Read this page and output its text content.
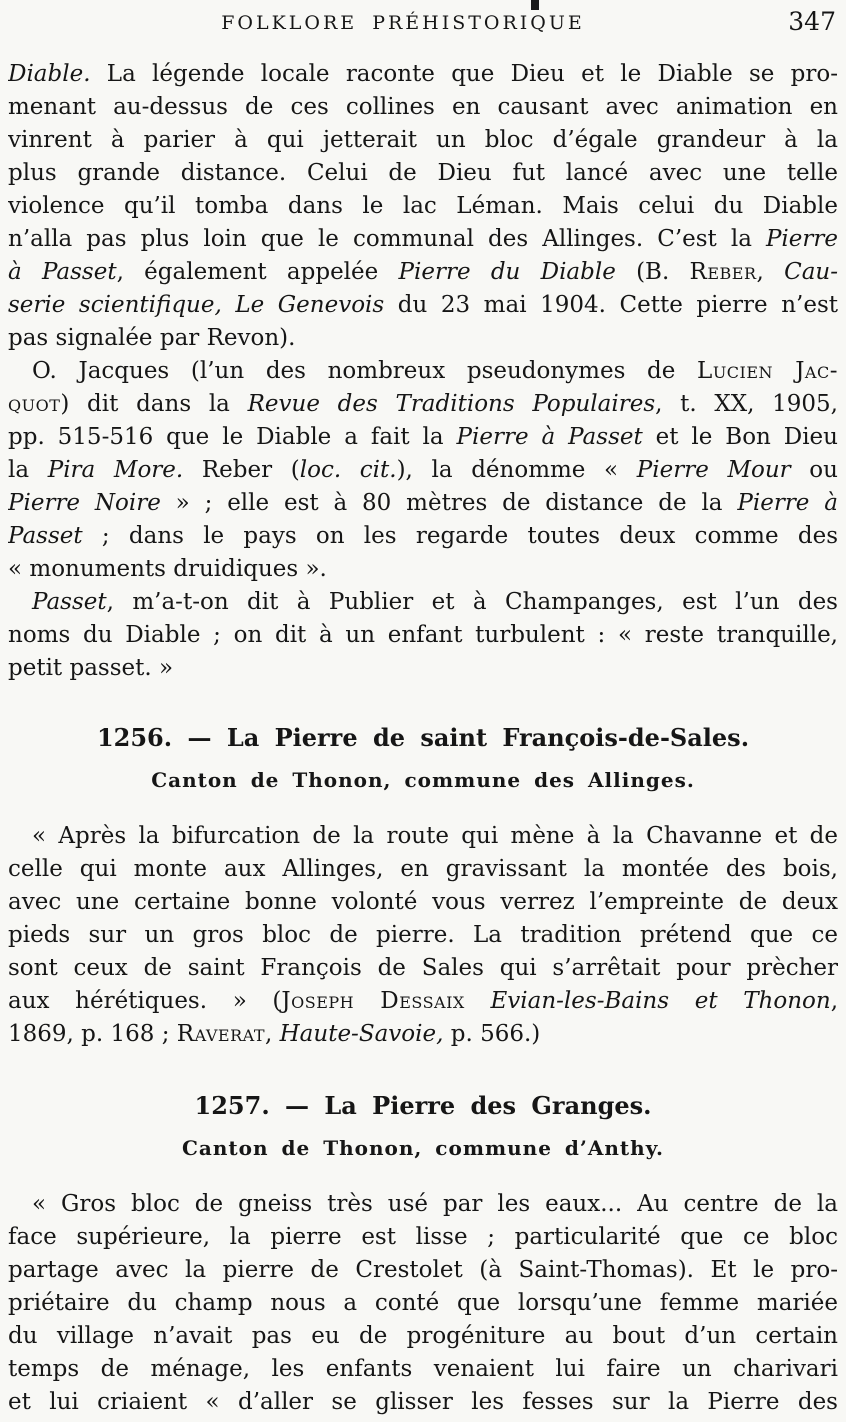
FOLKLORE PRÉHISTORIQUE	347
Diable. La légende locale raconte que Dieu et le Diable se pro-
menant au-dessus de ces collines en causant avec animation en
vinrent à parier à qui jetterait un bloc d’égale grandeur à la
plus grande distance. Celui de Dieu fut lancé avec une telle
violence qu’il tomba dans le lac Léman. Mais celui du Diable
n’alla pas plus loin que le communal des Allinges. C’est la Pierre
à Passet, également appelée Pierre du Diable (B. Reber, Cau-
serie scientifique, Le Genevois du 23 mai 1904. Cette pierre n’est
pas signalée par Revon).
O. Jacques (l’un des nombreux pseudonymes de Lucien Jac-
quot) dit dans la Revue des Traditions Populaires, t. XX, 1905,
pp. 515-516 que le Diable a fait la Pierre à Passet et le Bon Dieu
la Pira More. Reber (loc. cit.), la dénomme « Pierre Mour ou
Pierre Noire » ; elle est à 80 mètres de distance de la Pierre à
Passet ; dans le pays on les regarde toutes deux comme des
« monuments druidiques ».
Passet, m’a-t-on dit à Publier et à Champanges, est l’un des
noms du Diable ; on dit à un enfant turbulent : « reste tranquille,
petit passet. »
1256. — La Pierre de saint François-de-Sales.
Canton de Thonon, commune des Allinges.
« Après la bifurcation de la route qui mène à la Chavanne et de
celle qui monte aux Allinges, en gravissant la montée des bois,
avec une certaine bonne volonté vous verrez l’empreinte de deux
pieds sur un gros bloc de pierre. La tradition prétend que ce
sont ceux de saint François de Sales qui s’arrêtait pour prècher
aux hérétiques. » (Joseph Dessaix Evian-les-Bains et Thonon,
1869, p. 168 ; Raverat, Haute-Savoie, p. 566.)
1257. — La Pierre des Granges.
Canton de Thonon, commune d’Anthy.
« Gros bloc de gneiss très usé par les eaux... Au centre de la
face supérieure, la pierre est lisse ; particularité que ce bloc
partage avec la pierre de Crestolet (à Saint-Thomas). Et le pro-
priétaire du champ nous a conté que lorsqu’une femme mariée
du village n’avait pas eu de progéniture au bout d’un certain
temps de ménage, les enfants venaient lui faire un charivari
et lui criaient « d’aller se glisser les fesses sur la Pierre des
